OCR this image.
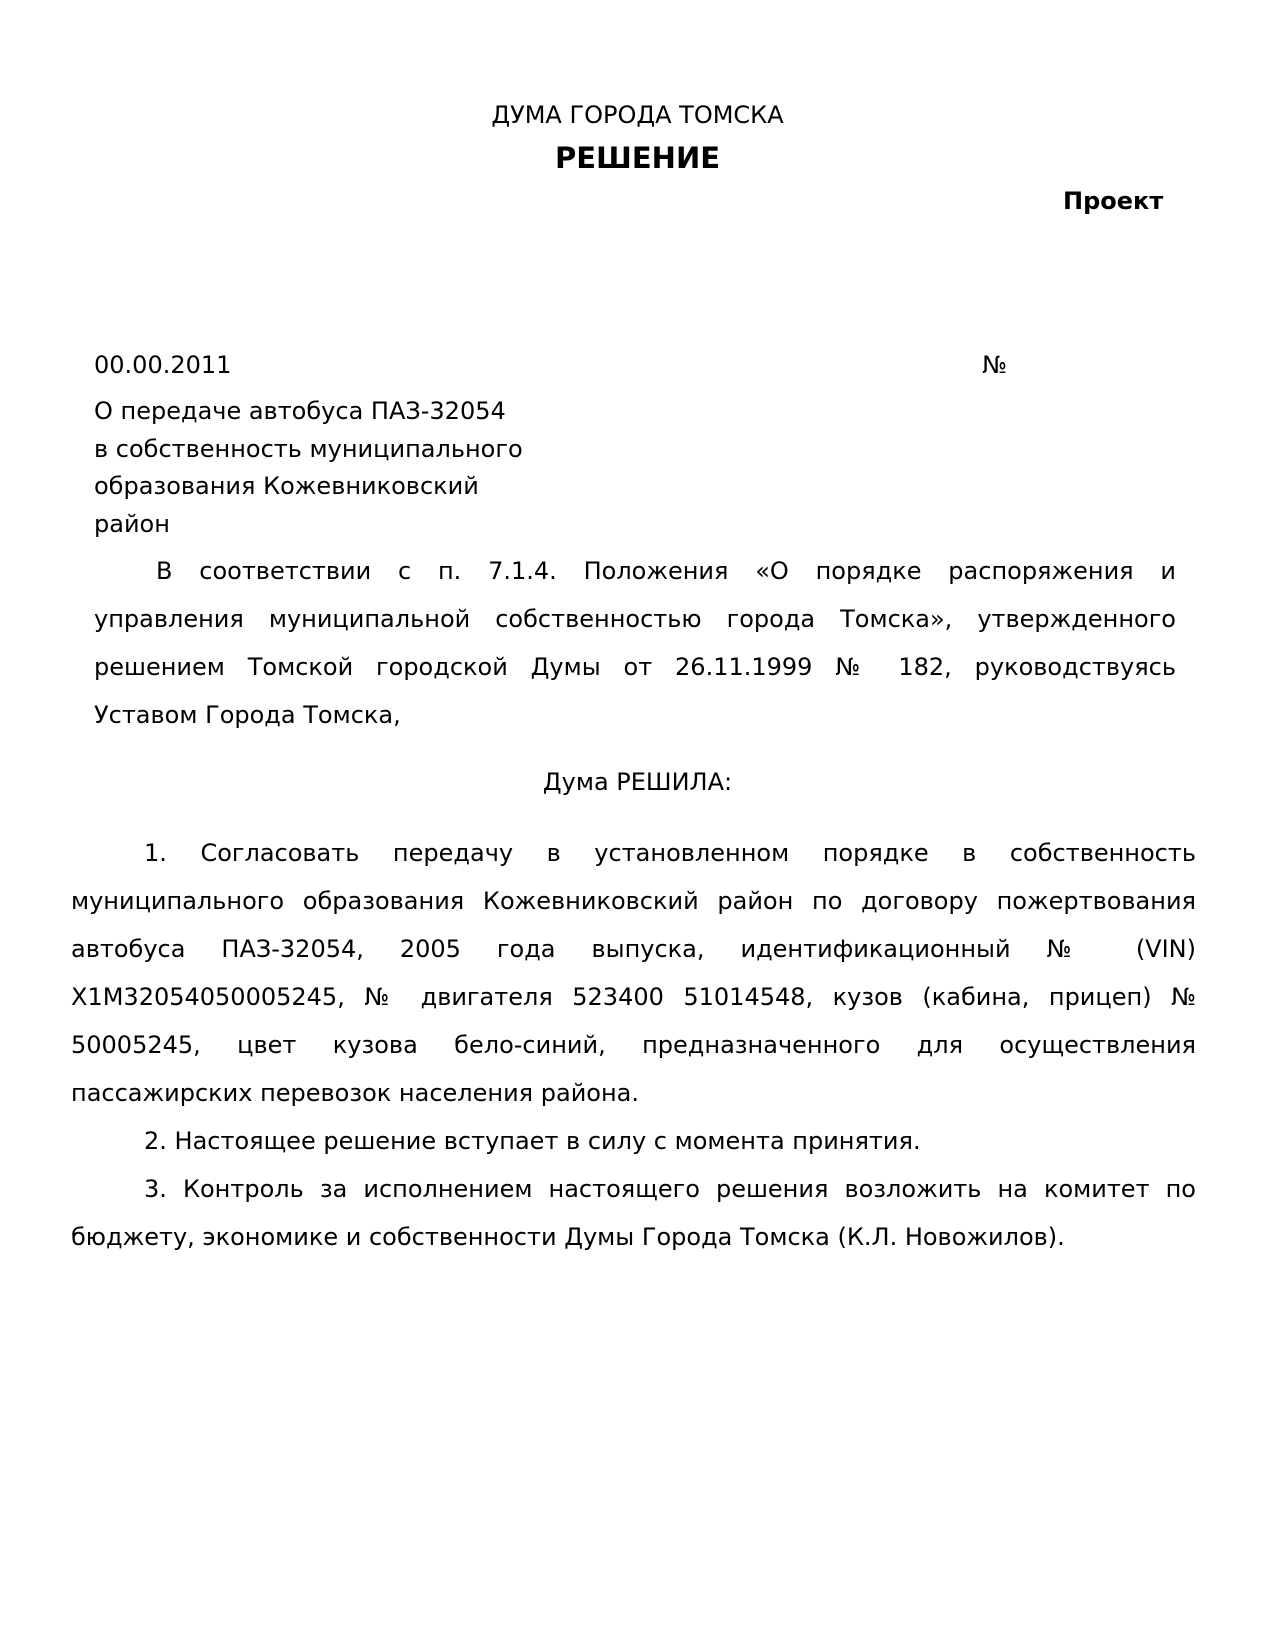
ДУМА ГОРОДА ТОМСКА
РЕШЕНИЕ
Проект
00.00.2011	№
О передаче автобуса ПАЗ-32054
в собственность муниципального
образования Кожевниковский
район
В соответствии с п. 7.1.4. Положения «О порядке распоряжения и
управления муниципальной собственностью города Томска», утвержденного
решением Томской городской Думы от 26.11.1999 № 182, руководствуясь
Уставом Города Томска,
Дума РЕШИЛА:
1. Согласовать передачу в установленном порядке в собственность
муниципального образования Кожевниковский район по договору пожертвования
автобуса ПАЗ-32054, 2005 года выпуска, идентификационный № (VIN)
X1M32054050005245, № двигателя 523400 51014548, кузов (кабина, прицеп) №
50005245, цвет кузова бело-синий, предназначенного для осуществления
пассажирских перевозок населения района.
2. Настоящее решение вступает в силу с момента принятия.
3. Контроль за исполнением настоящего решения возложить на комитет по
бюджету, экономике и собственности Думы Города Томска (К.Л. Новожилов).
